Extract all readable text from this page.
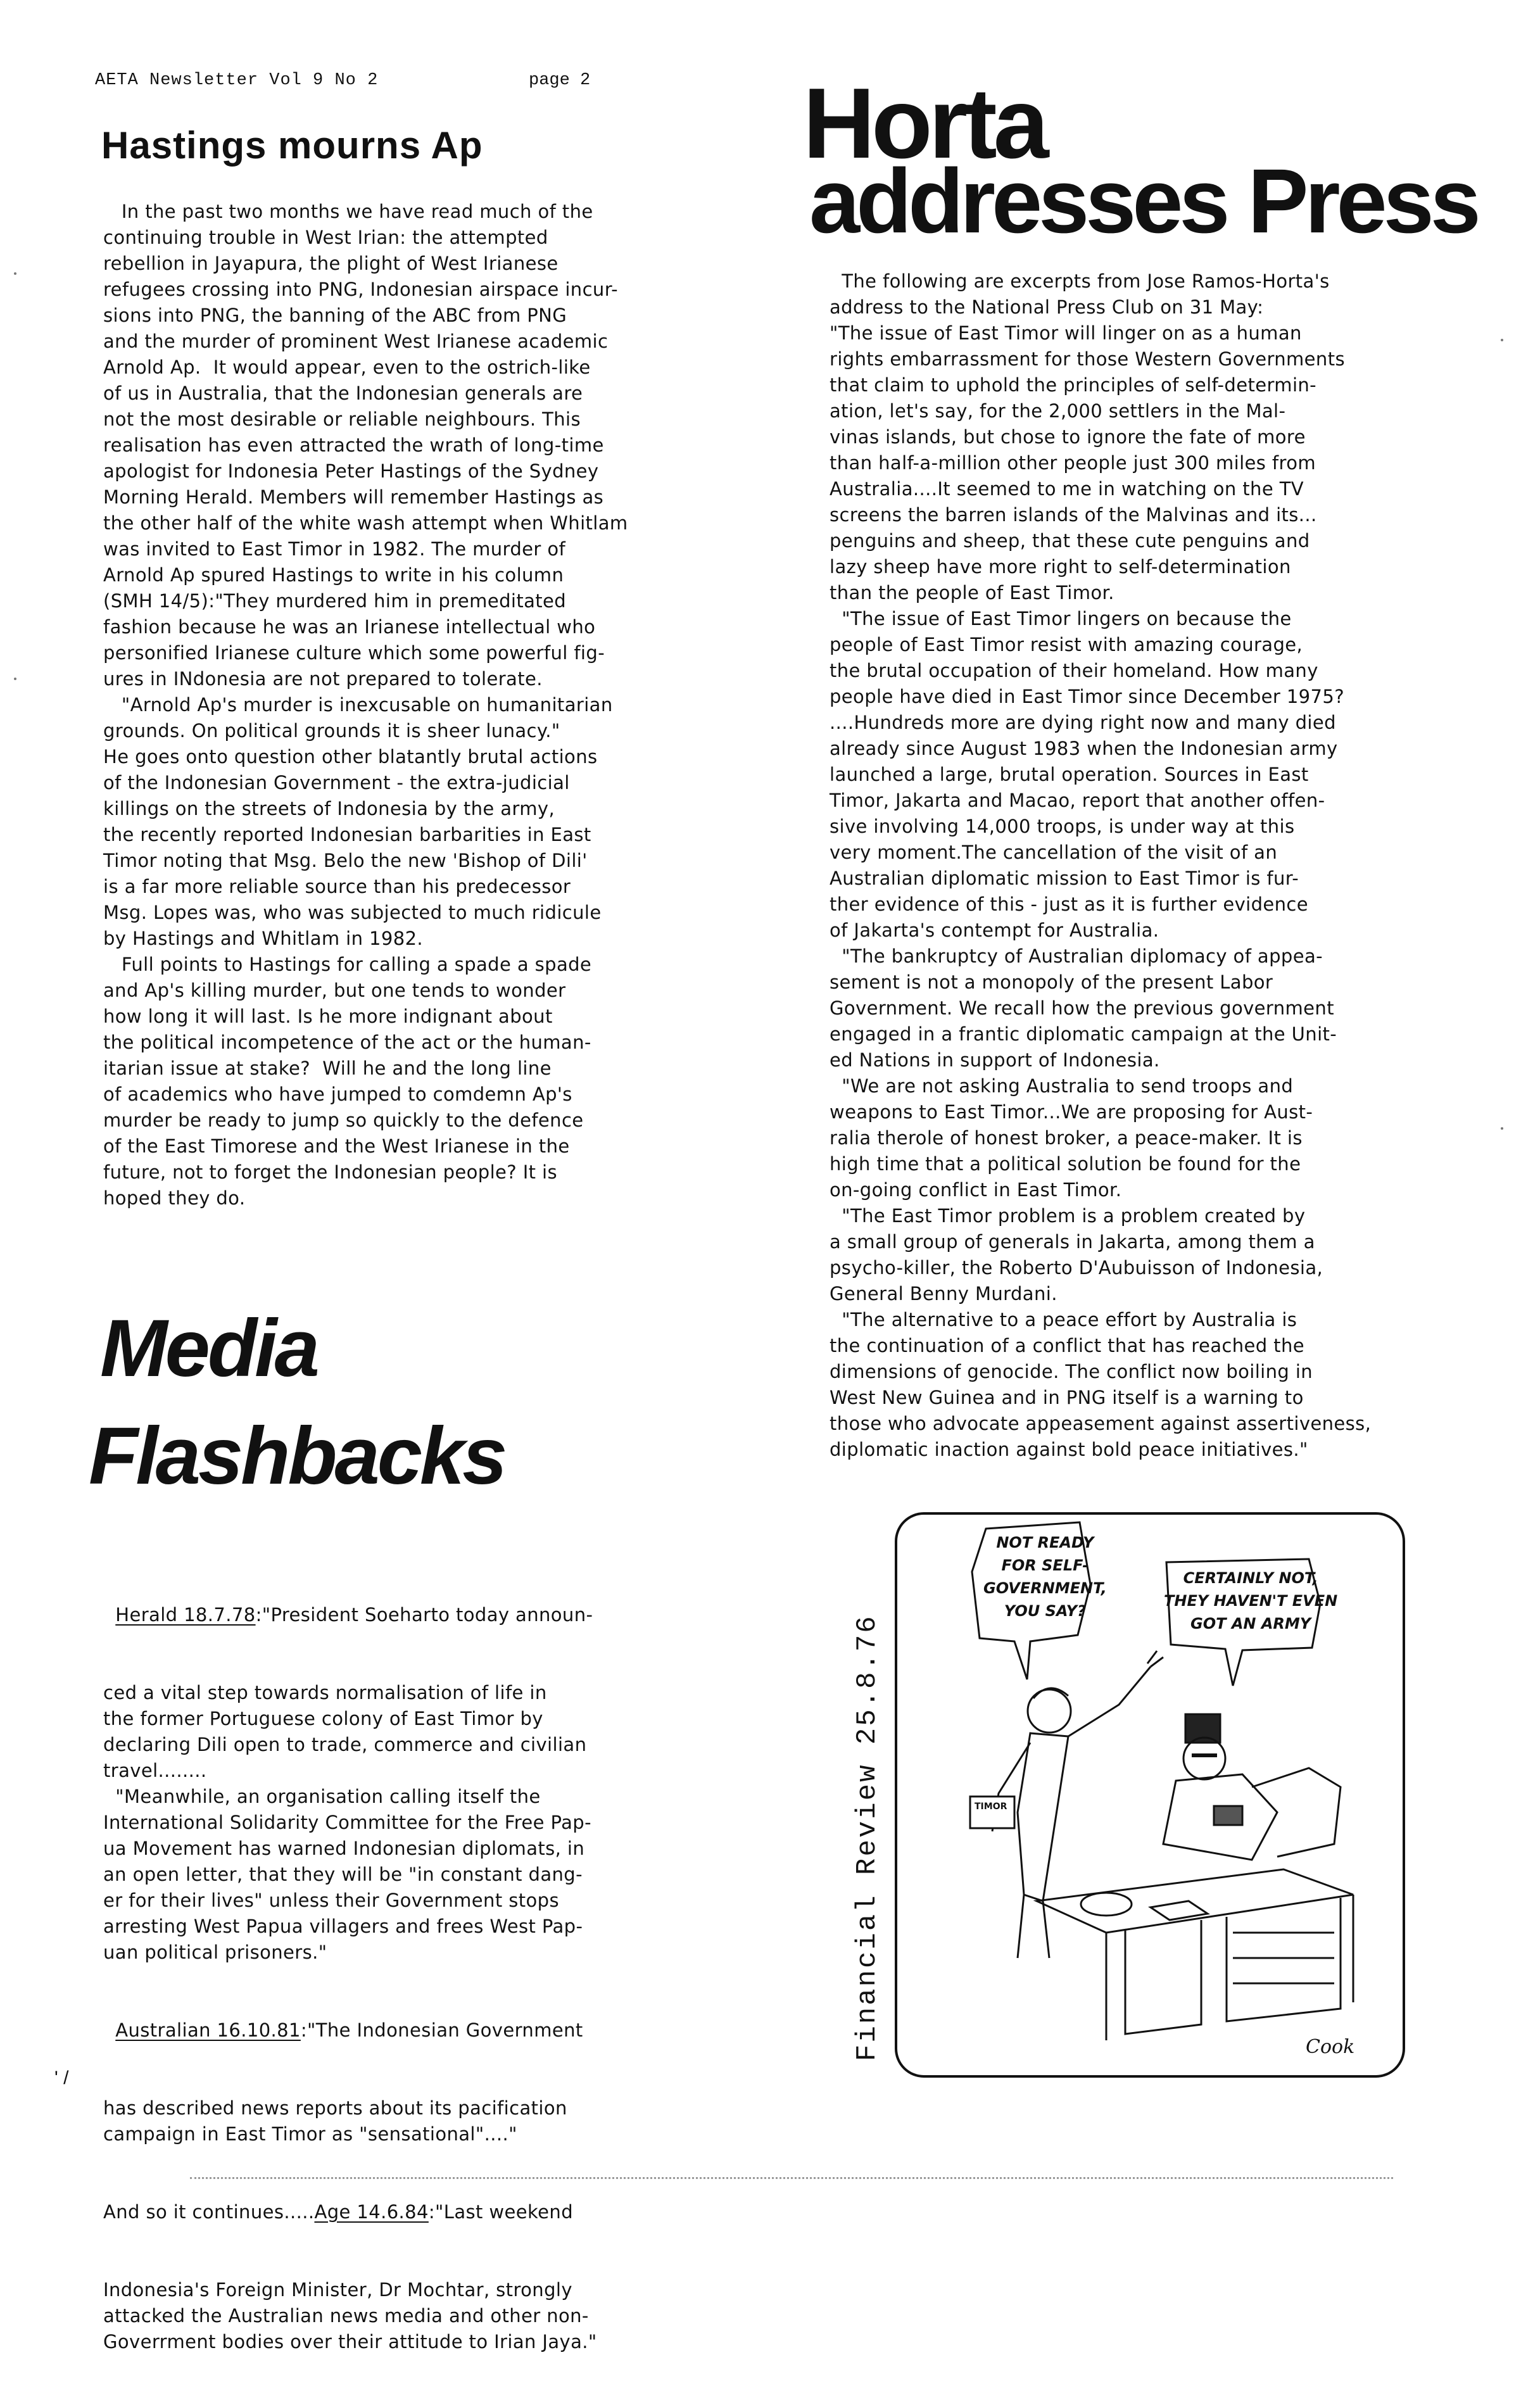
AETA Newsletter Vol 9 No 2	page 2
Hastings mourns Ap
In the past two months we have read much of the
continuing trouble in West Irian: the attempted
rebellion in Jayapura, the plight of West Irianese
refugees crossing into PNG, Indonesian airspace incur-
sions into PNG, the banning of the ABC from PNG
and the murder of prominent West Irianese academic
Arnold Ap.  It would appear, even to the ostrich-like
of us in Australia, that the Indonesian generals are
not the most desirable or reliable neighbours. This
realisation has even attracted the wrath of long-time
apologist for Indonesia Peter Hastings of the Sydney
Morning Herald. Members will remember Hastings as
the other half of the white wash attempt when Whitlam
was invited to East Timor in 1982. The murder of
Arnold Ap spured Hastings to write in his column
(SMH 14/5):"They murdered him in premeditated
fashion because he was an Irianese intellectual who
personified Irianese culture which some powerful fig-
ures in INdonesia are not prepared to tolerate.
"Arnold Ap's murder is inexcusable on humanitarian
grounds. On political grounds it is sheer lunacy."
He goes onto question other blatantly brutal actions
of the Indonesian Government - the extra-judicial
killings on the streets of Indonesia by the army,
the recently reported Indonesian barbarities in East
Timor noting that Msg. Belo the new 'Bishop of Dili'
is a far more reliable source than his predecessor
Msg. Lopes was, who was subjected to much ridicule
by Hastings and Whitlam in 1982.
Full points to Hastings for calling a spade a spade
and Ap's killing murder, but one tends to wonder
how long it will last. Is he more indignant about
the political incompetence of the act or the human-
itarian issue at stake?  Will he and the long line
of academics who have jumped to comdemn Ap's
murder be ready to jump so quickly to the defence
of the East Timorese and the West Irianese in the
future, not to forget the Indonesian people? It is
hoped they do.
Horta
addresses Press
The following are excerpts from Jose Ramos-Horta's
address to the National Press Club on 31 May:
"The issue of East Timor will linger on as a human
rights embarrassment for those Western Governments
that claim to uphold the principles of self-determin-
ation, let's say, for the 2,000 settlers in the Mal-
vinas islands, but chose to ignore the fate of more
than half-a-million other people just 300 miles from
Australia....It seemed to me in watching on the TV
screens the barren islands of the Malvinas and its...
penguins and sheep, that these cute penguins and
lazy sheep have more right to self-determination
than the people of East Timor.
"The issue of East Timor lingers on because the
people of East Timor resist with amazing courage,
the brutal occupation of their homeland. How many
people have died in East Timor since December 1975?
....Hundreds more are dying right now and many died
already since August 1983 when the Indonesian army
launched a large, brutal operation. Sources in East
Timor, Jakarta and Macao, report that another offen-
sive involving 14,000 troops, is under way at this
very moment.The cancellation of the visit of an
Australian diplomatic mission to East Timor is fur-
ther evidence of this - just as it is further evidence
of Jakarta's contempt for Australia.
"The bankruptcy of Australian diplomacy of appea-
sement is not a monopoly of the present Labor
Government. We recall how the previous government
engaged in a frantic diplomatic campaign at the Unit-
ed Nations in support of Indonesia.
"We are not asking Australia to send troops and
weapons to East Timor...We are proposing for Aust-
ralia therole of honest broker, a peace-maker. It is
high time that a political solution be found for the
on-going conflict in East Timor.
"The East Timor problem is a problem created by
a small group of generals in Jakarta, among them a
psycho-killer, the Roberto D'Aubuisson of Indonesia,
General Benny Murdani.
"The alternative to a peace effort by Australia is
the continuation of a conflict that has reached the
dimensions of genocide. The conflict now boiling in
West New Guinea and in PNG itself is a warning to
those who advocate appeasement against assertiveness,
diplomatic inaction against bold peace initiatives."
Media
Flashbacks

Herald 18.7.78:"President Soeharto today announ-

ced a vital step towards normalisation of life in
the former Portuguese colony of East Timor by
declaring Dili open to trade, commerce and civilian
travel........
"Meanwhile, an organisation calling itself the
International Solidarity Committee for the Free Pap-
ua Movement has warned Indonesian diplomats, in
an open letter, that they will be "in constant dang-
er for their lives" unless their Government stops
arresting West Papua villagers and frees West Pap-
uan political prisoners."

Australian 16.10.81:"The Indonesian Government

has described news reports about its pacification
campaign in East Timor as "sensational"...."

And so it continues.....Age 14.6.84:"Last weekend

Indonesia's Foreign Minister, Dr Mochtar, strongly
attacked the Australian news media and other non-
Goverrment bodies over their attitude to Irian Jaya."

Financial Review 25.8.76	TIMOR
NOT READY
FOR SELF-
GOVERNMENT,
YOU SAY?
CERTAINLY NOT,
THEY HAVEN'T EVEN
GOT AN ARMY
Cook
' /
